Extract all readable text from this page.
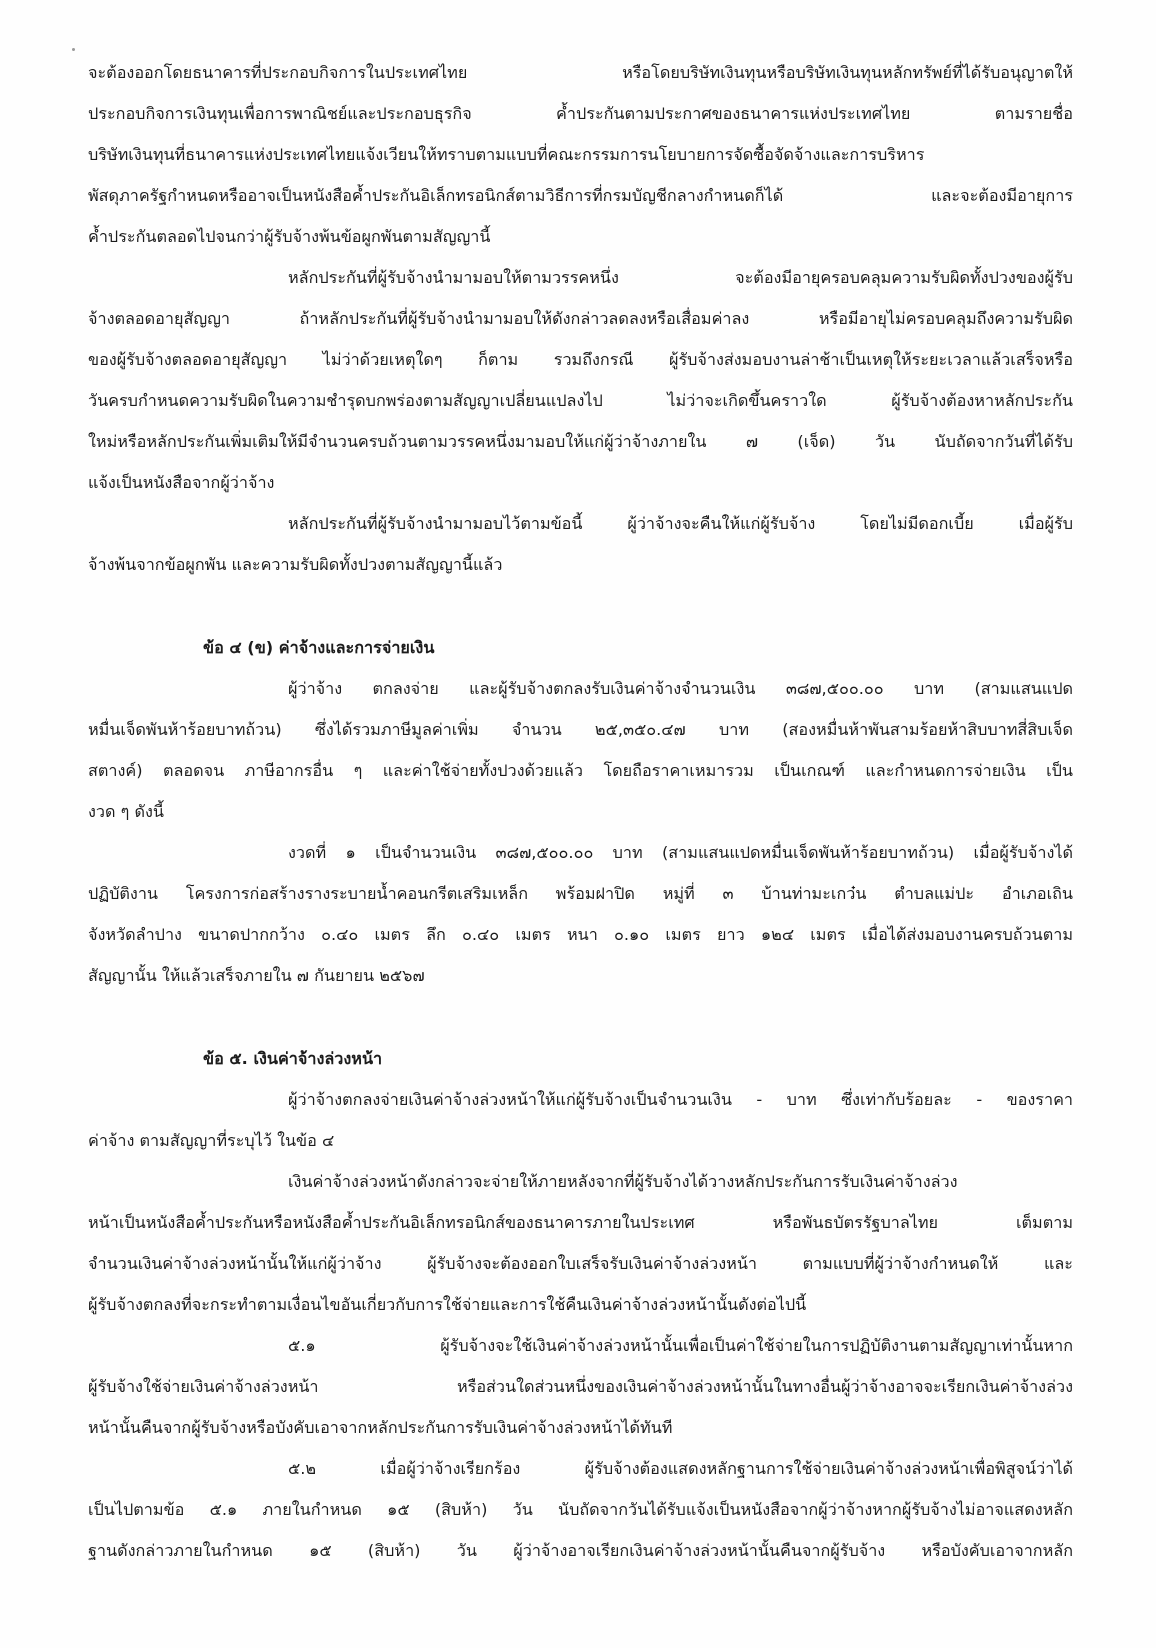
จะต้องออกโดยธนาคารที่ประกอบกิจการในประเทศไทย หรือโดยบริษัทเงินทุนหรือบริษัทเงินทุนหลักทรัพย์ที่ได้รับอนุญาตให้
ประกอบกิจการเงินทุนเพื่อการพาณิชย์และประกอบธุรกิจ ค้ำประกันตามประกาศของธนาคารแห่งประเทศไทย ตามรายชื่อ
บริษัทเงินทุนที่ธนาคารแห่งประเทศไทยแจ้งเวียนให้ทราบตามแบบที่คณะกรรมการนโยบายการจัดซื้อจัดจ้างและการบริหาร
พัสดุภาครัฐกำหนดหรืออาจเป็นหนังสือค้ำประกันอิเล็กทรอนิกส์ตามวิธีการที่กรมบัญชีกลางกำหนดก็ได้ และจะต้องมีอายุการ
ค้ำประกันตลอดไปจนกว่าผู้รับจ้างพ้นข้อผูกพันตามสัญญานี้
หลักประกันที่ผู้รับจ้างนำมามอบให้ตามวรรคหนึ่ง จะต้องมีอายุครอบคลุมความรับผิดทั้งปวงของผู้รับ
จ้างตลอดอายุสัญญา ถ้าหลักประกันที่ผู้รับจ้างนำมามอบให้ดังกล่าวลดลงหรือเสื่อมค่าลง หรือมีอายุไม่ครอบคลุมถึงความรับผิด
ของผู้รับจ้างตลอดอายุสัญญา ไม่ว่าด้วยเหตุใดๆ ก็ตาม รวมถึงกรณี ผู้รับจ้างส่งมอบงานล่าช้าเป็นเหตุให้ระยะเวลาแล้วเสร็จหรือ
วันครบกำหนดความรับผิดในความชำรุดบกพร่องตามสัญญาเปลี่ยนแปลงไป ไม่ว่าจะเกิดขึ้นคราวใด ผู้รับจ้างต้องหาหลักประกัน
ใหม่หรือหลักประกันเพิ่มเติมให้มีจำนวนครบถ้วนตามวรรคหนึ่งมามอบให้แก่ผู้ว่าจ้างภายใน ๗ (เจ็ด) วัน นับถัดจากวันที่ได้รับ
แจ้งเป็นหนังสือจากผู้ว่าจ้าง
หลักประกันที่ผู้รับจ้างนำมามอบไว้ตามข้อนี้ ผู้ว่าจ้างจะคืนให้แก่ผู้รับจ้าง โดยไม่มีดอกเบี้ย เมื่อผู้รับ
จ้างพ้นจากข้อผูกพัน และความรับผิดทั้งปวงตามสัญญานี้แล้ว
ข้อ ๔ (ข) ค่าจ้างและการจ่ายเงิน
ผู้ว่าจ้าง ตกลงจ่าย และผู้รับจ้างตกลงรับเงินค่าจ้างจำนวนเงิน ๓๘๗,๕๐๐.๐๐ บาท (สามแสนแปด
หมื่นเจ็ดพันห้าร้อยบาทถ้วน) ซึ่งได้รวมภาษีมูลค่าเพิ่ม จำนวน ๒๕,๓๕๐.๔๗ บาท (สองหมื่นห้าพันสามร้อยห้าสิบบาทสี่สิบเจ็ด
สตางค์) ตลอดจน ภาษีอากรอื่น ๆ และค่าใช้จ่ายทั้งปวงด้วยแล้ว โดยถือราคาเหมารวม เป็นเกณฑ์ และกำหนดการจ่ายเงิน เป็น
งวด ๆ ดังนี้
งวดที่ ๑ เป็นจำนวนเงิน ๓๘๗,๕๐๐.๐๐ บาท (สามแสนแปดหมื่นเจ็ดพันห้าร้อยบาทถ้วน) เมื่อผู้รับจ้างได้
ปฏิบัติงาน โครงการก่อสร้างรางระบายน้ำคอนกรีตเสริมเหล็ก พร้อมฝาปิด หมู่ที่ ๓ บ้านท่ามะเกว๋น ตำบลแม่ปะ อำเภอเถิน
จังหวัดลำปาง ขนาดปากกว้าง ๐.๔๐ เมตร ลึก ๐.๔๐ เมตร หนา ๐.๑๐ เมตร ยาว ๑๒๔ เมตร เมื่อได้ส่งมอบงานครบถ้วนตาม
สัญญานั้น ให้แล้วเสร็จภายใน ๗ กันยายน ๒๕๖๗
ข้อ ๕. เงินค่าจ้างล่วงหน้า
ผู้ว่าจ้างตกลงจ่ายเงินค่าจ้างล่วงหน้าให้แก่ผู้รับจ้างเป็นจำนวนเงิน - บาท ซึ่งเท่ากับร้อยละ - ของราคา
ค่าจ้าง ตามสัญญาที่ระบุไว้ ในข้อ ๔
เงินค่าจ้างล่วงหน้าดังกล่าวจะจ่ายให้ภายหลังจากที่ผู้รับจ้างได้วางหลักประกันการรับเงินค่าจ้างล่วง
หน้าเป็นหนังสือค้ำประกันหรือหนังสือค้ำประกันอิเล็กทรอนิกส์ของธนาคารภายในประเทศ หรือพันธบัตรรัฐบาลไทย เต็มตาม
จำนวนเงินค่าจ้างล่วงหน้านั้นให้แก่ผู้ว่าจ้าง ผู้รับจ้างจะต้องออกใบเสร็จรับเงินค่าจ้างล่วงหน้า ตามแบบที่ผู้ว่าจ้างกำหนดให้ และ
ผู้รับจ้างตกลงที่จะกระทำตามเงื่อนไขอันเกี่ยวกับการใช้จ่ายและการใช้คืนเงินค่าจ้างล่วงหน้านั้นดังต่อไปนี้
๕.๑ ผู้รับจ้างจะใช้เงินค่าจ้างล่วงหน้านั้นเพื่อเป็นค่าใช้จ่ายในการปฏิบัติงานตามสัญญาเท่านั้นหาก
ผู้รับจ้างใช้จ่ายเงินค่าจ้างล่วงหน้า หรือส่วนใดส่วนหนึ่งของเงินค่าจ้างล่วงหน้านั้นในทางอื่นผู้ว่าจ้างอาจจะเรียกเงินค่าจ้างล่วง
หน้านั้นคืนจากผู้รับจ้างหรือบังคับเอาจากหลักประกันการรับเงินค่าจ้างล่วงหน้าได้ทันที
๕.๒ เมื่อผู้ว่าจ้างเรียกร้อง ผู้รับจ้างต้องแสดงหลักฐานการใช้จ่ายเงินค่าจ้างล่วงหน้าเพื่อพิสูจน์ว่าได้
เป็นไปตามข้อ ๕.๑ ภายในกำหนด ๑๕ (สิบห้า) วัน นับถัดจากวันได้รับแจ้งเป็นหนังสือจากผู้ว่าจ้างหากผู้รับจ้างไม่อาจแสดงหลัก
ฐานดังกล่าวภายในกำหนด ๑๕ (สิบห้า) วัน ผู้ว่าจ้างอาจเรียกเงินค่าจ้างล่วงหน้านั้นคืนจากผู้รับจ้าง หรือบังคับเอาจากหลัก
